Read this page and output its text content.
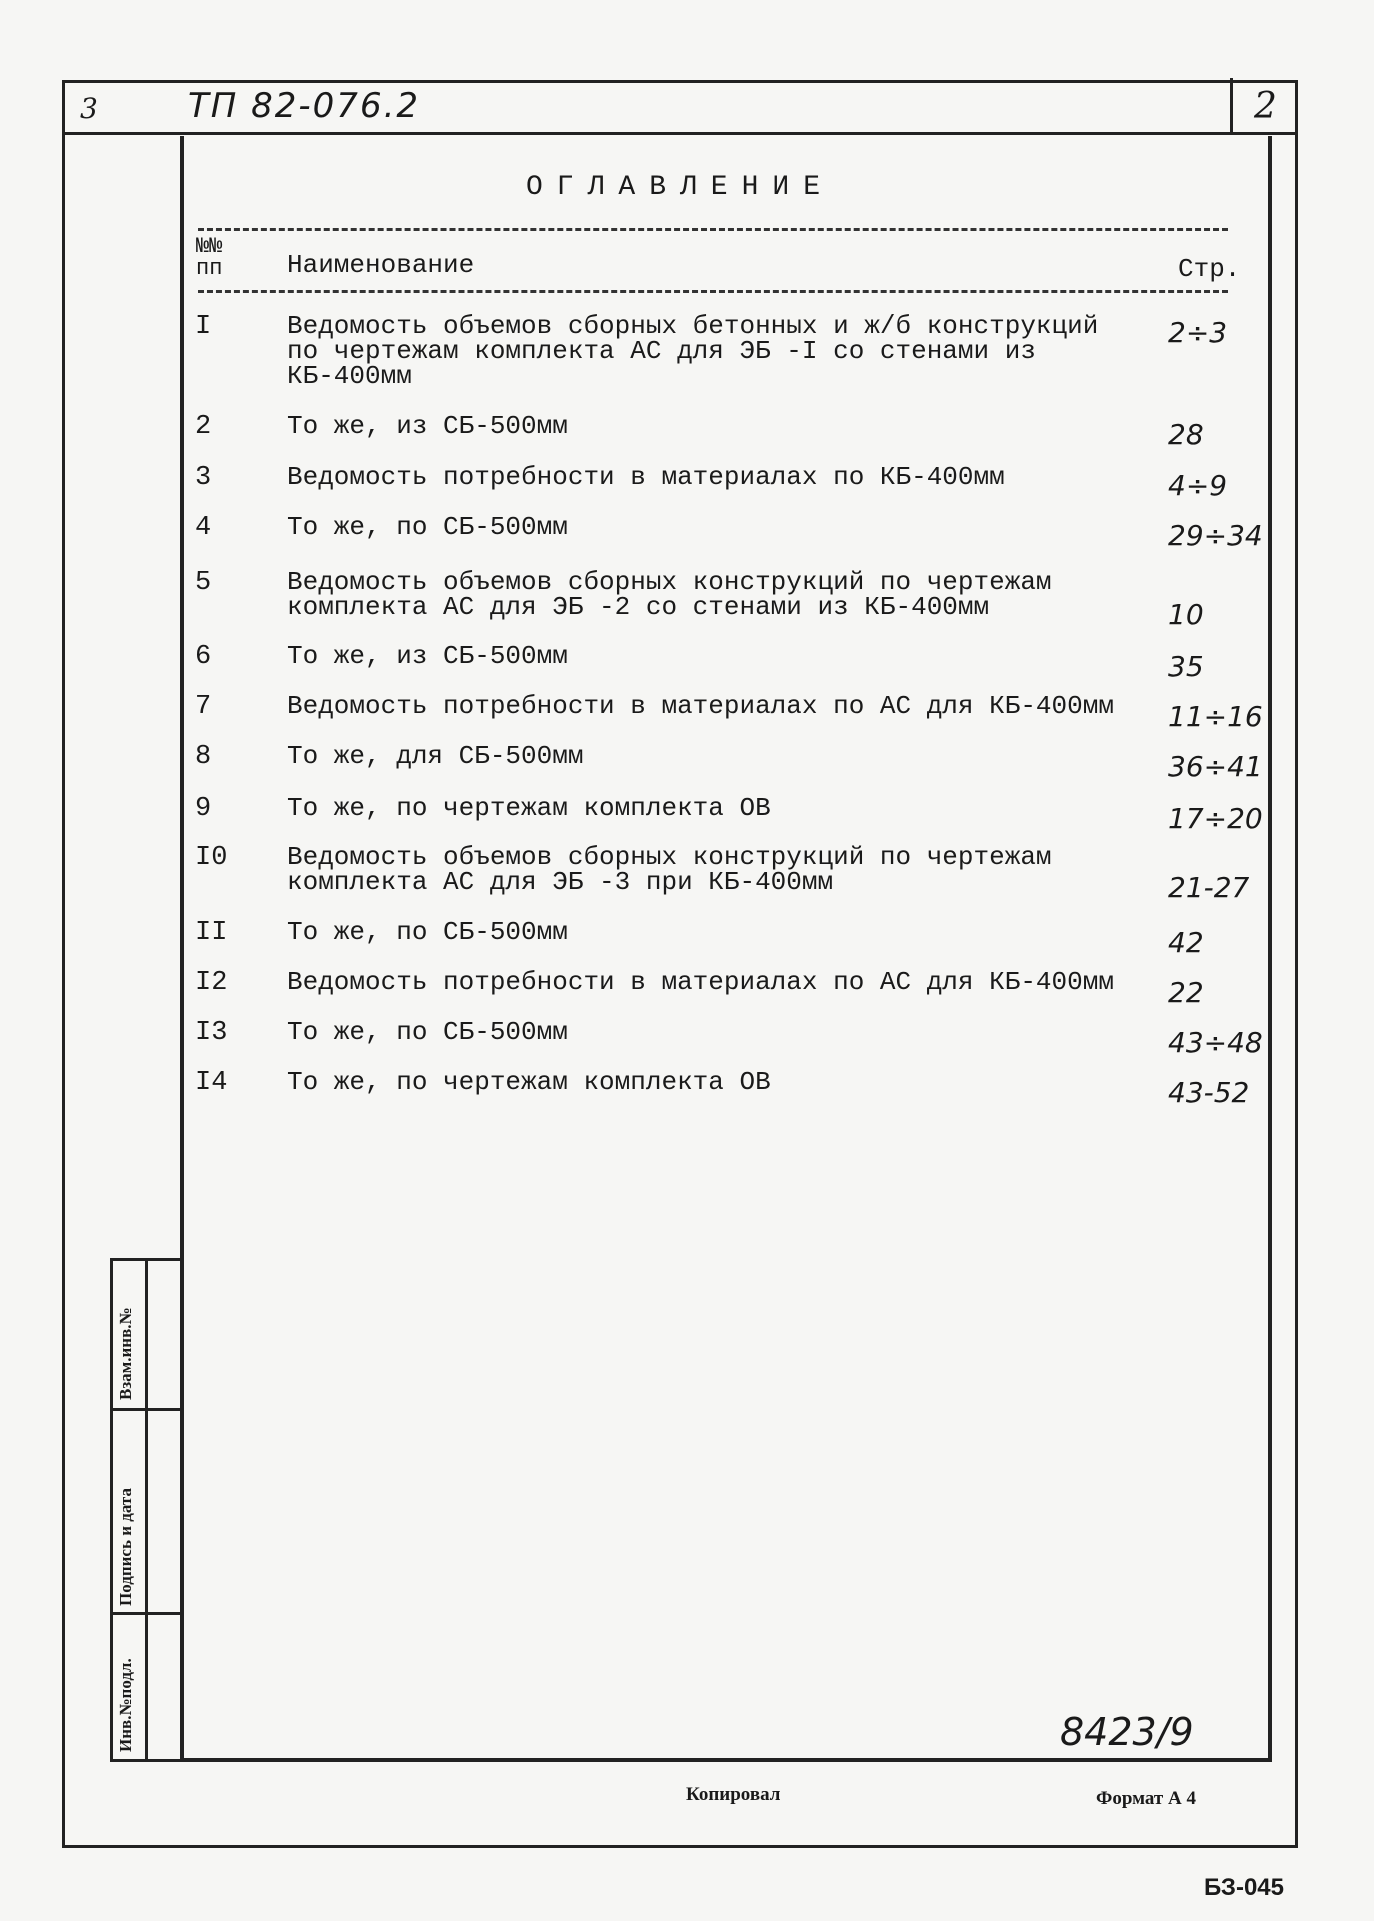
3	ТП 82-076.2	2
ОГЛАВЛЕНИЕ
№№ пп	Наименование	Стр.
I	Ведомость объемов сборных бетонных и ж/б конструкций
по чертежам комплекта АС для ЭБ -I со стенами из
КБ-400мм
2÷3
2	То же, из СБ-500мм	28
3	Ведомость потребности в материалах по КБ-400мм	4÷9
4	То же, по СБ-500мм	29÷34
5	Ведомость объемов сборных конструкций по чертежам
комплекта АС для ЭБ -2 со стенами из КБ-400мм	10
6	То же, из СБ-500мм	35
7	Ведомость потребности в материалах по АС для КБ-400мм	11÷16
8	То же, для СБ-500мм	36÷41
9	То же, по чертежам комплекта ОВ	17÷20
I0 Ведомость объемов сборных конструкций по чертежам
комплекта АС для ЭБ -3 при КБ-400мм	21-27
II То же, по СБ-500мм	42
I2 Ведомость потребности в материалах по АС для КБ-400мм	22
I3 То же, по СБ-500мм	43÷48
I4 То же, по чертежам комплекта ОВ	43-52
Взам.инв.№
Подпись и дата
Инв.№подл.	8423/9
Копировал	Формат А 4
БЗ-045
